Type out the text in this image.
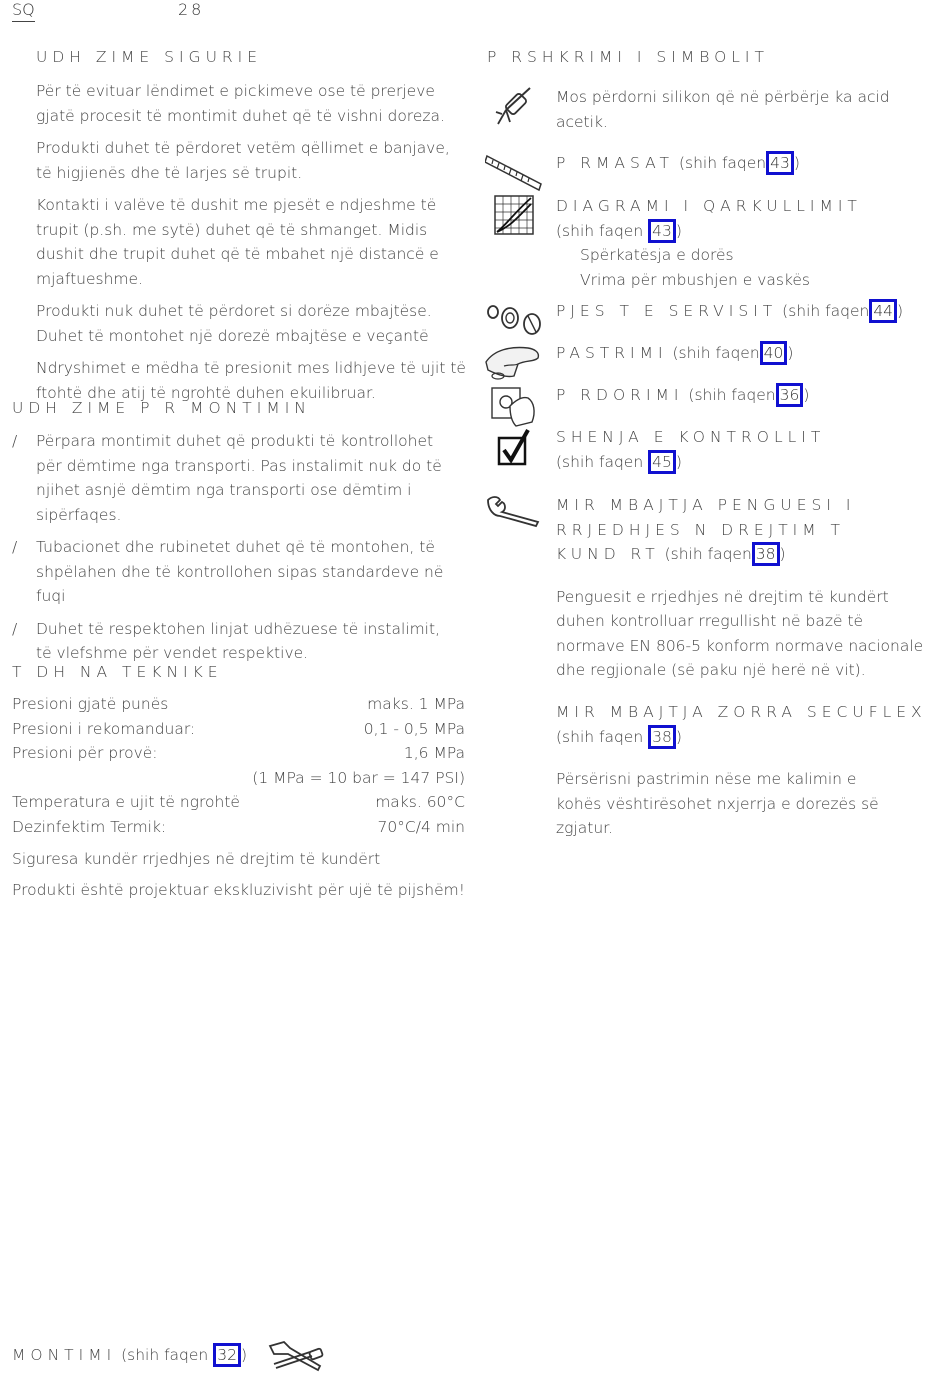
SQ	28
UDH ZIME SIGURIE

Për të evituar lëndimet e pickimeve ose të prerjeve gjatë procesit të montimit duhet që të vishni doreza.

Produkti duhet të përdoret vetëm qëllimet e banjave, të higjienës dhe të larjes së trupit.

Kontakti i valëve të dushit me pjesët e ndjeshme të trupit (p.sh. me sytë) duhet që të shmanget. Midis dushit dhe trupit duhet që të mbahet një distancë e mjaftueshme.

Produkti nuk duhet të përdoret si dorëze mbajtëse. Duhet të montohet një dorezë mbajtëse e veçantë

Ndryshimet e mëdha të presionit mes lidhjeve të ujit të ftohtë dhe atij të ngrohtë duhen ekuilibruar.

UDH ZIME P R MONTIMIN
/ Përpara montimit duhet që produkti të kontrollohet për dëmtime nga transporti. Pas instalimit nuk do të njihet asnjë dëmtim nga transporti ose dëmtim i sipërfaqes.
/ Tubacionet dhe rubinetet duhet që të montohen, të shpëlahen dhe të kontrollohen sipas standardeve në fuqi
/ Duhet të respektohen linjat udhëzuese të instalimit, të vlefshme për vendet respektive.
T DH NA TEKNIKE
Presioni gjatë punës	maks. 1 MPa
Presioni i rekomanduar:	0,1 - 0,5 MPa
Presioni për provë:	1,6 MPa
(1 MPa = 10 bar = 147 PSI)
Temperatura e ujit të ngrohtë	maks. 60°C
Dezinfektim Termik:	70°C/4 min
Siguresa kundër rrjedhjes në drejtim të kundërt
Produkti është projektuar ekskluzivisht për ujë të pijshëm!
MONTIMI (shih faqen 32 )
P RSHKRIMI I SIMBOLIT
Mos përdorni silikon që në përbërje ka acid acetik.
P RMASAT (shih faqen 43 )
DIAGRAMI I QARKULLIMIT
(shih faqen 43 )
Spërkatësja e dorës
Vrima për mbushjen e vaskës
PJES T E SERVISIT (shih faqen 44 )
PASTRIMI (shih faqen 40 )
P RDORIMI (shih faqen 36 )
SHENJA E KONTROLLIT
(shih faqen 45 )
MIR MBAJTJA PENGUESI I
RRJEDHJES N DREJTIM T
KUND RT (shih faqen 38 )
Penguesit e rrjedhjes në drejtim të kundërt duhen kontrolluar rregullisht në bazë të normave EN 806-5 konform normave nacionale dhe regjionale (së paku një herë në vit).
MIR MBAJTJA ZORRA SECUFLEX
(shih faqen 38 )
Përsërisni pastrimin nëse me kalimin e kohës vështirësohet nxjerrja e dorezës së zgjatur.
